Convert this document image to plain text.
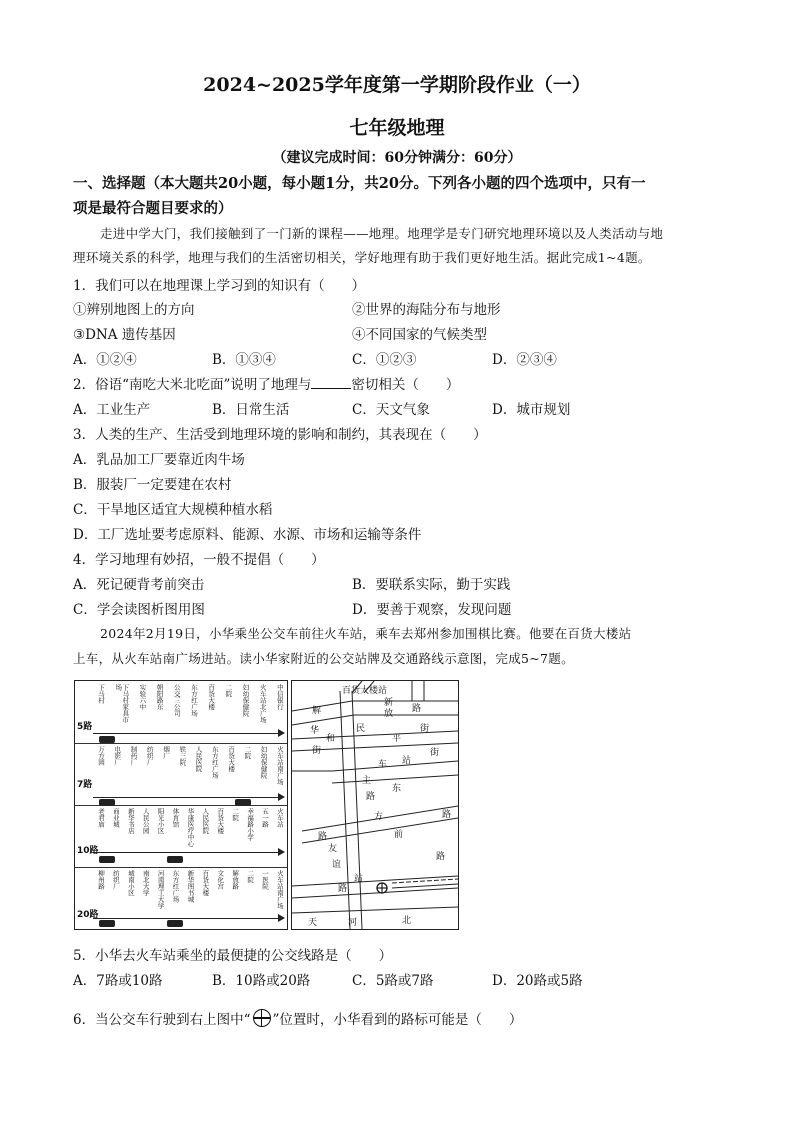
2024~2025学年度第一学期阶段作业（一）
七年级地理
（建议完成时间：60分钟满分：60分）
一、选择题（本大题共20小题，每小题1分，共20分。下列各小题的四个选项中，只有一
项是最符合题目要求的）
走进中学大门，我们接触到了一门新的课程——地理。地理学是专门研究地理环境以及人类活动与地
理环境关系的科学，地理与我们的生活密切相关，学好地理有助于我们更好地生活。据此完成1~4题。
1．我们可以在地理课上学习到的知识有（　　）
①辨别地图上的方向	②世界的海陆分布与地形
③DNA 遗传基因	④不同国家的气候类型
A．①②④	B．①③④	C．①②③	D．②③④
2．俗语“南吃大米北吃面”说明了地理与	密切相关（　　）
A．工业生产	B．日常生活	C．天文气象	D．城市规划
3．人类的生产、生活受到地理环境的影响和制约，其表现在（　　）
A．乳品加工厂要靠近肉牛场
B．服装厂一定要建在农村
C．干旱地区适宜大规模种植水稻
D．工厂选址要考虑原料、能源、水源、市场和运输等条件
4．学习地理有妙招，一般不提倡（　　）
A．死记硬背考前突击	B．要联系实际，勤于实践
C．学会读图析图用图	D．要善于观察，发现问题
2024年2月19日，小华乘坐公交车前往火车站，乘车去郑州参加围棋比赛。他要在百货大楼站
上车，从火车站南广场进站。读小华家附近的公交站牌及交通路线示意图，完成5~7题。
下马村	下马村家具市场	实验六中 朝阳路东 公交三公司 东方红广场 百货大楼 二院 妇幼保健院 火车站北广场 中信银行
5路
万方园 电影厂 制药厂 纺织厂 烟厂 铁三院 人民医院 东方红广场 百货大楼 二院 妇幼保健院 火车站南广场
7路
老君庙 商业城 新华书店 人民公园 阳光小区 体育馆 华康医疗中心 人民医院 百货大楼 二院 幸福路小学 五一路 火车站
10路
柳州路 纺织厂 城南小区 南北大学 河南理工大学 东方红广场 新华图书城 百货大楼 文化宫 解放路 二院 一医院 火车站南广场
20路
百货大楼站
新
解	放 路
华
和	平
街
民
主
街
车 站
街
路
东
方	路
站
路	前
路
友
谊
路
天	河	北
5．小华去火车站乘坐的最便捷的公交线路是（　　）
A．7路或10路	B．10路或20路	C．5路或7路	D．20路或5路
6．当公交车行驶到右上图中“ ”位置时，小华看到的路标可能是（　　）
